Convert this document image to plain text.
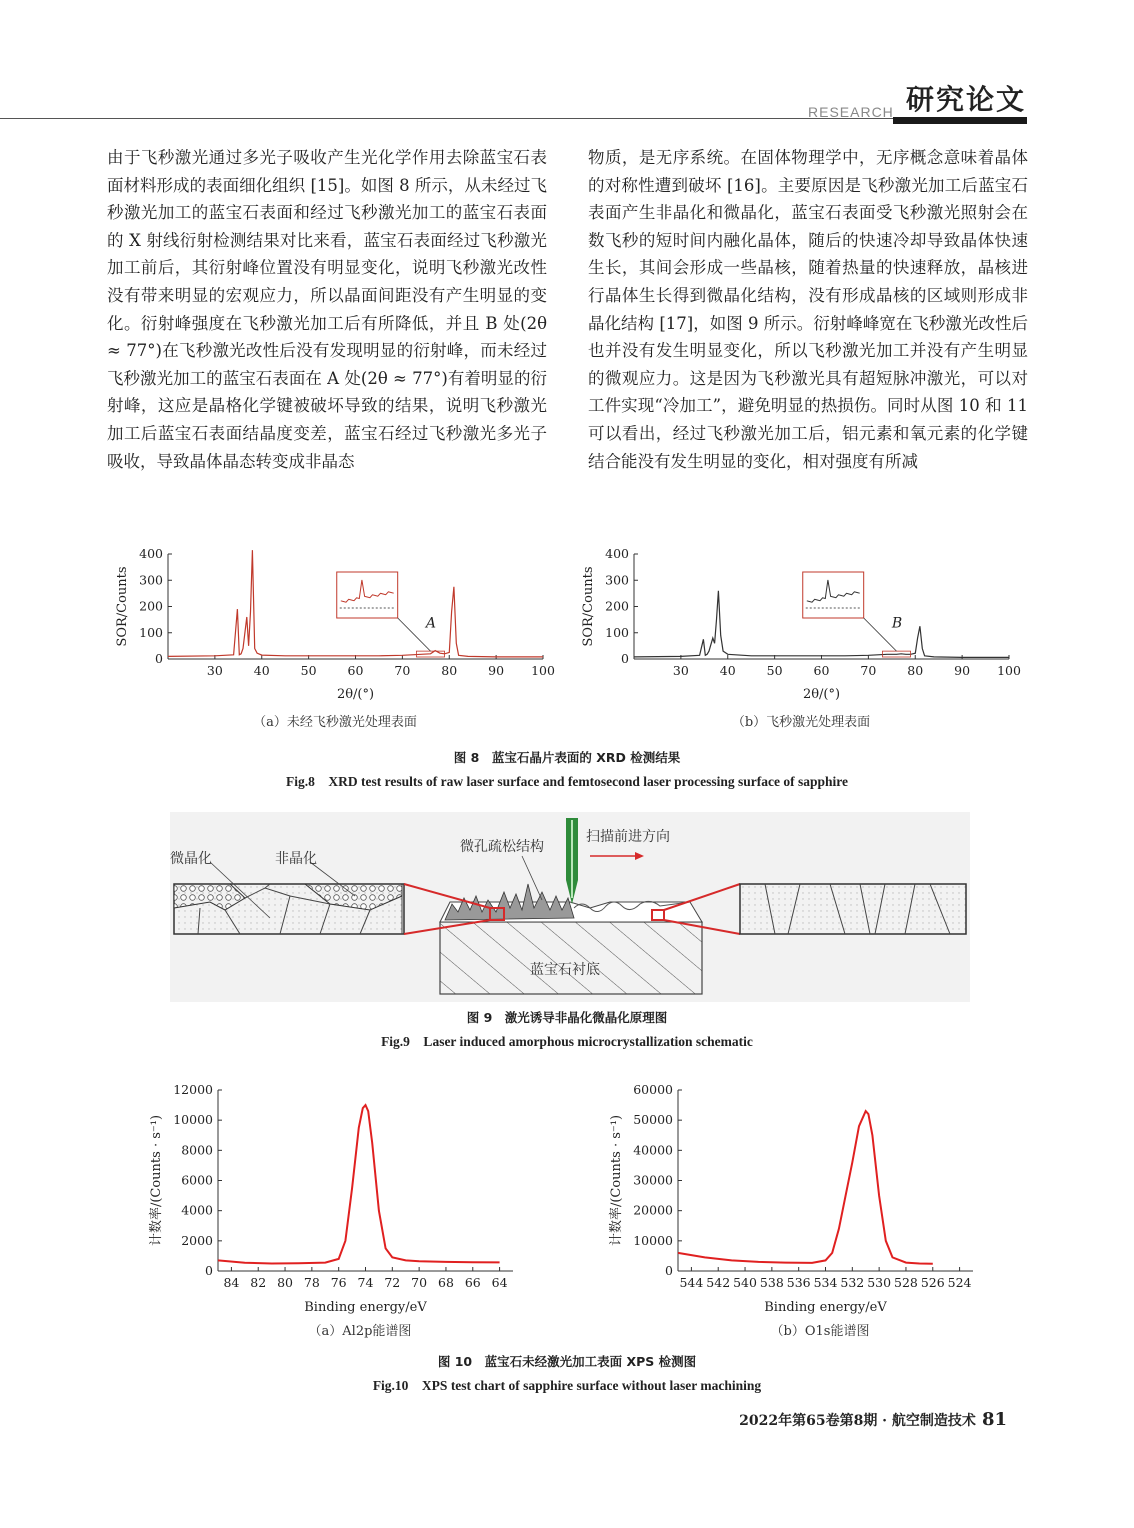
RESEARCH 研究论文

由于飞秒激光通过多光子吸收产生光化学作用去除蓝宝石表面材料形成的表面细化组织 [15]。如图 8 所示，从未经过飞秒激光加工的蓝宝石表面和经过飞秒激光加工的蓝宝石表面的 X 射线衍射检测结果对比来看，蓝宝石表面经过飞秒激光加工前后，其衍射峰位置没有明显变化，说明飞秒激光改性没有带来明显的宏观应力，所以晶面间距没有产生明显的变化。衍射峰强度在飞秒激光加工后有所降低，并且 B 处(2θ ≈ 77°)在飞秒激光改性后没有发现明显的衍射峰，而未经过飞秒激光加工的蓝宝石表面在 A 处(2θ ≈ 77°)有着明显的衍射峰，这应是晶格化学键被破坏导致的结果，说明飞秒激光加工后蓝宝石表面结晶度变差，蓝宝石经过飞秒激光多光子吸收，导致晶体晶态转变成非晶态

物质，是无序系统。在固体物理学中，无序概念意味着晶体的对称性遭到破坏 [16]。主要原因是飞秒激光加工后蓝宝石表面产生非晶化和微晶化，蓝宝石表面受飞秒激光照射会在数飞秒的短时间内融化晶体，随后的快速冷却导致晶体快速生长，其间会形成一些晶核，随着热量的快速释放，晶核进行晶体生长得到微晶化结构，没有形成晶核的区域则形成非晶化结构 [17]，如图 9 所示。衍射峰峰宽在飞秒激光改性后也并没有发生明显变化，所以飞秒激光加工并没有产生明显的微观应力。这是因为飞秒激光具有超短脉冲激光，可以对工件实现“冷加工”，避免明显的热损伤。同时从图 10 和 11 可以看出，经过飞秒激光加工后，铝元素和氧元素的化学键结合能没有发生明显的变化，相对强度有所减

30 40 50 60 70 80 90 100
0
100
200
300
400
2θ/(°)
SOR/Counts	A
30 40 50 60 70 80 90 100
0
100
200
300
400
2θ/(°)
SOR/Counts	B
（a）未经飞秒激光处理表面	（b）飞秒激光处理表面
图 8　蓝宝石晶片表面的 XRD 检测结果
Fig.8　XRD test results of raw laser surface and femtosecond laser processing surface of sapphire
微晶化	非晶化
微孔疏松结构
扫描前进方向
蓝宝石衬底
图 9　激光诱导非晶化微晶化原理图
Fig.9　Laser induced amorphous microcrystallization schematic
84 82 80 78 76 74 72 70 68 66 64
0
2000
4000
6000
8000
10000
12000
Binding energy/eV
计数率/(Counts · s⁻¹)
544 542 540 538 536 534 532 530 528 526 524
0
10000
20000
30000
40000
50000
60000
Binding energy/eV
计数率/(Counts · s⁻¹)
（a）Al2p能谱图	（b）O1s能谱图
图 10　蓝宝石未经激光加工表面 XPS 检测图
Fig.10　XPS test chart of sapphire surface without laser machining
2022年第65卷第8期 · 航空制造技术 81
